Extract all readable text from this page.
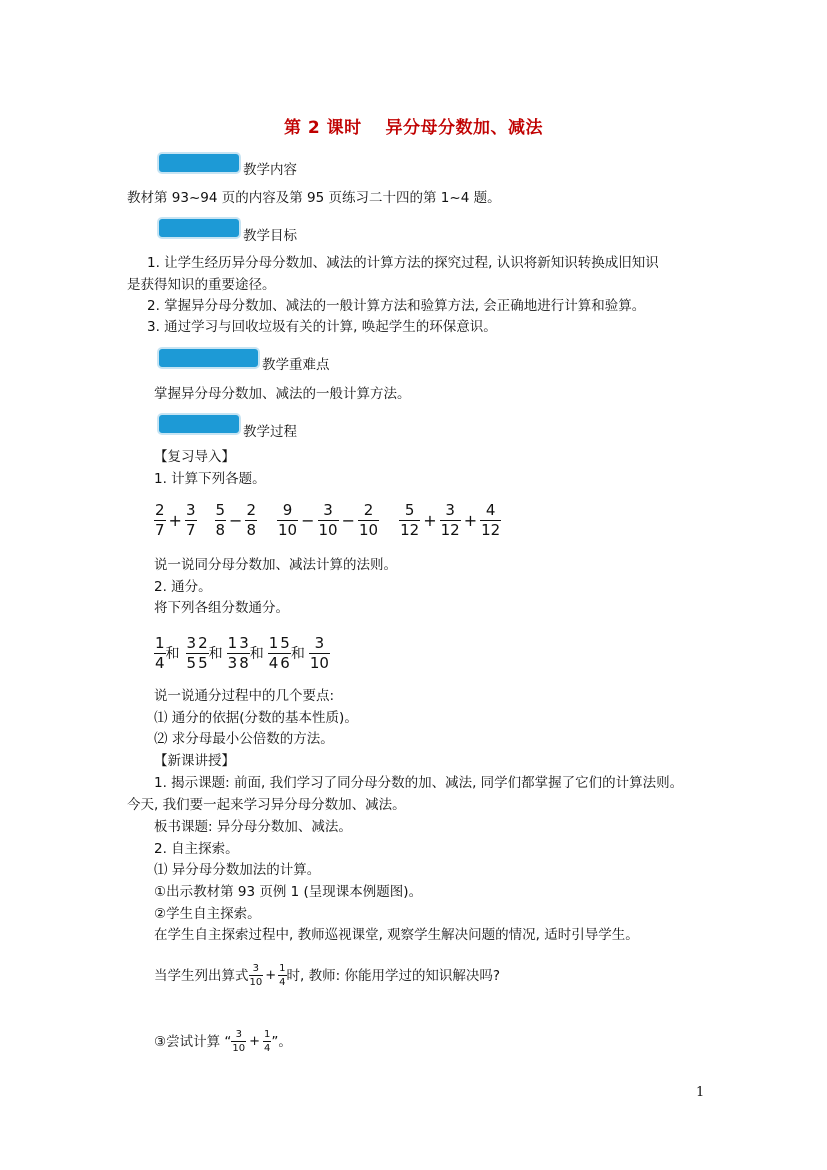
第 2 课时　 异分母分数加、减法
教学内容
教材第 93~94 页的内容及第 95 页练习二十四的第 1~4 题。
教学目标
1. 让学生经历异分母分数加、减法的计算方法的探究过程, 认识将新知识转换成旧知识
是获得知识的重要途径。
2. 掌握异分母分数加、减法的一般计算方法和验算方法, 会正确地进行计算和验算。
3. 通过学习与回收垃圾有关的计算, 唤起学生的环保意识。
教学重难点
掌握异分母分数加、减法的一般计算方法。
教学过程
【复习导入】
1. 计算下列各题。
$\frac{2}{7} + \frac{3}{7} \frac{5}{8} - \frac{2}{8} \frac{9}{10} - \frac{3}{10} - \frac{2}{10} \frac{5}{12} + \frac{3}{12} + \frac{4}{12}$
说一说同分母分数加、减法计算的法则。
2. 通分。
将下列各组分数通分。
$\frac{1}{4}$ 和 $\frac{3}{5} \frac{2}{5}$ 和 $\frac{1}{3} \frac{3}{8}$ 和 $\frac{1}{4} \frac{5}{6}$ 和 $\frac{3}{10}$
说一说通分过程中的几个要点:
⑴ 通分的依据(分数的基本性质)。
⑵ 求分母最小公倍数的方法。
【新课讲授】
1. 揭示课题: 前面, 我们学习了同分母分数的加、减法, 同学们都掌握了它们的计算法则。
今天, 我们要一起来学习异分母分数加、减法。
板书课题: 异分母分数加、减法。
2. 自主探索。
⑴ 异分母分数加法的计算。
①出示教材第 93 页例 1 (呈现课本例题图)。
②学生自主探索。
在学生自主探索过程中, 教师巡视课堂, 观察学生解决问题的情况, 适时引导学生。
当学生列出算式 $\frac{3}{10} + \frac{1}{4}$ 时, 教师: 你能用学过的知识解决吗?
③尝试计算 “ $\frac{3}{10} + \frac{1}{4}$ ”。
1
